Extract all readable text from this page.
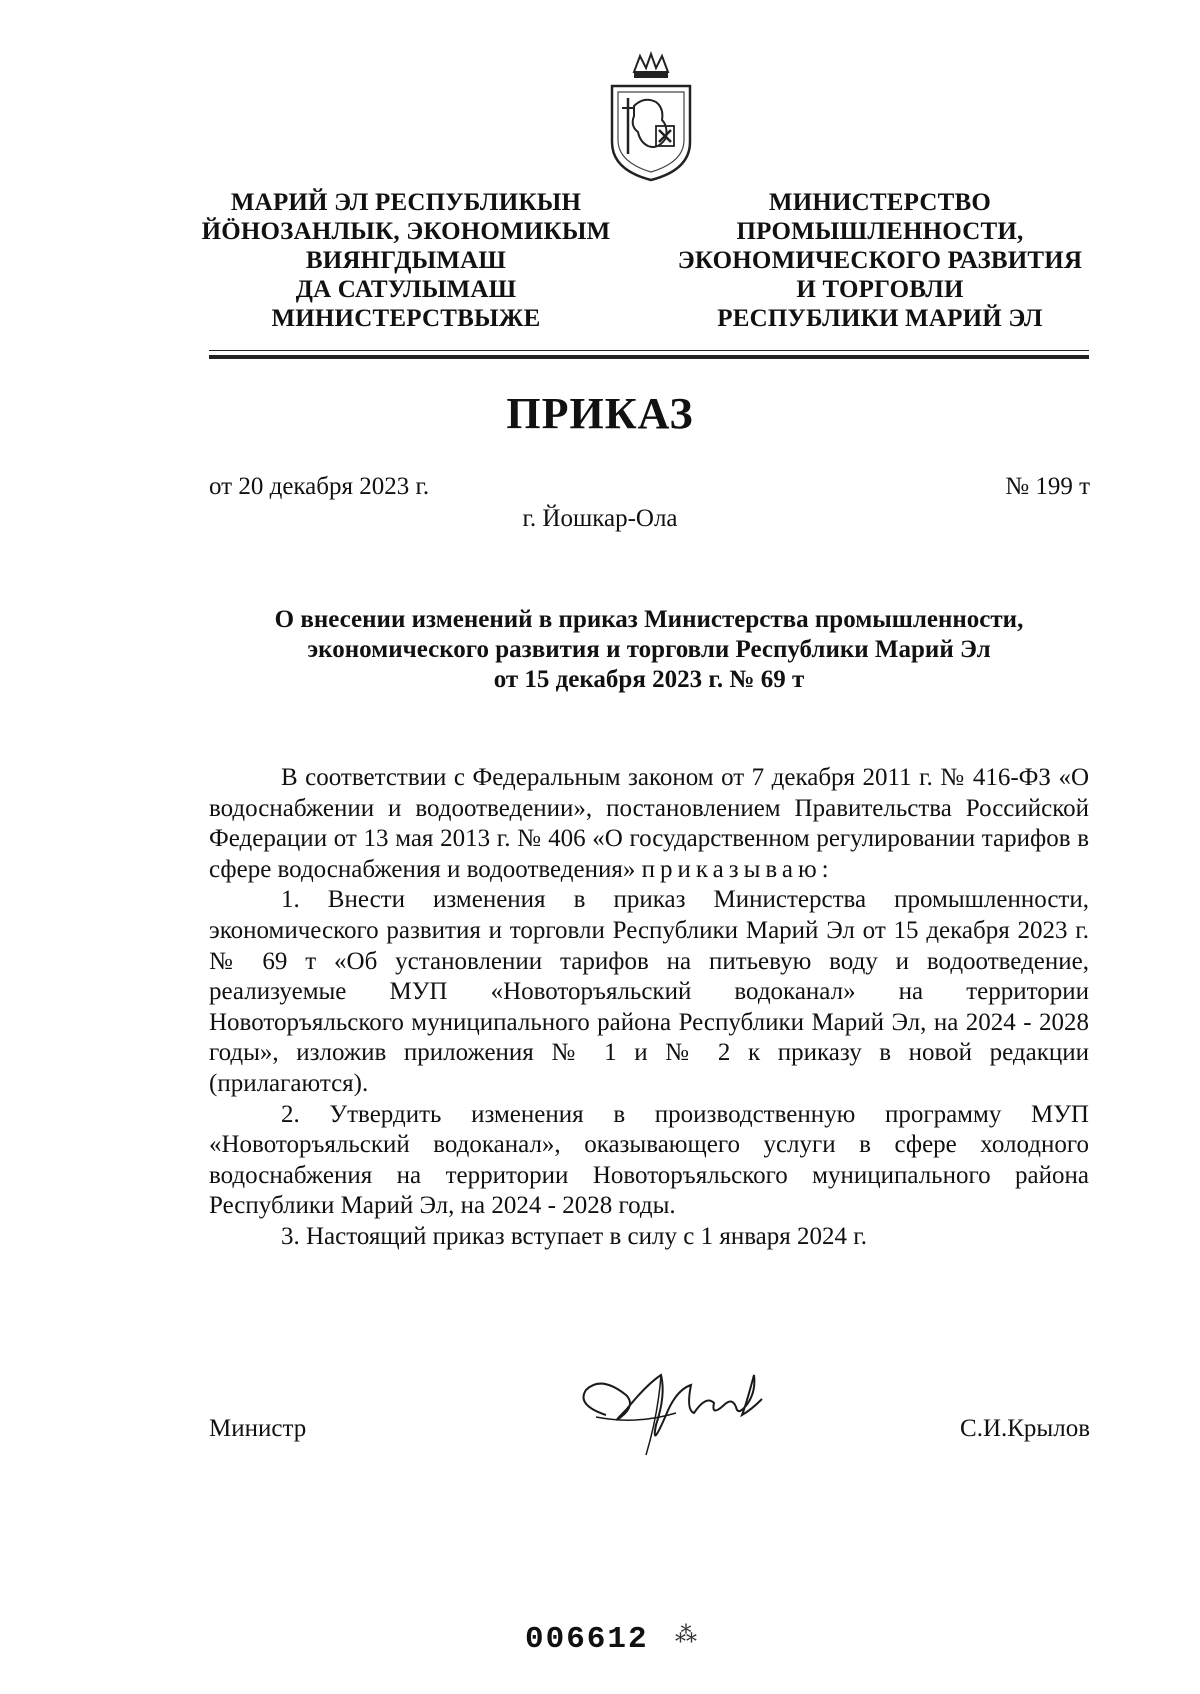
МАРИЙ ЭЛ РЕСПУБЛИКЫН
ЙӦНОЗАНЛЫК, ЭКОНОМИКЫМ
ВИЯНГДЫМАШ
ДА САТУЛЫМАШ
МИНИСТЕРСТВЫЖЕ
МИНИСТЕРСТВО
ПРОМЫШЛЕННОСТИ,
ЭКОНОМИЧЕСКОГО РАЗВИТИЯ
И ТОРГОВЛИ
РЕСПУБЛИКИ МАРИЙ ЭЛ
ПРИКАЗ
от 20 декабря 2023 г.	№ 199 т
г. Йошкар-Ола
О внесении изменений в приказ Министерства промышленности,
экономического развития и торговли Республики Марий Эл
от 15 декабря 2023 г. № 69 т

В соответствии с Федеральным законом от 7 декабря 2011 г. № 416-ФЗ «О водоснабжении и водоотведении», постановлением Правительства Российской Федерации от 13 мая 2013 г. № 406 «О государственном регулировании тарифов в сфере водоснабжения и водоотведения» приказываю:

1. Внести изменения в приказ Министерства промышленности, экономического развития и торговли Республики Марий Эл от 15 декабря 2023 г. № 69 т «Об установлении тарифов на питьевую воду и водоотведение, реализуемые МУП «Новоторъяльский водоканал» на территории Новоторъяльского муниципального района Республики Марий Эл, на 2024 - 2028 годы», изложив приложения № 1 и № 2 к приказу в новой редакции (прилагаются).

2. Утвердить изменения в производственную программу МУП «Новоторъяльский водоканал», оказывающего услуги в сфере холодного водоснабжения на территории Новоторъяльского муниципального района Республики Марий Эл, на 2024 - 2028 годы.

3. Настоящий приказ вступает в силу с 1 января 2024 г.

Министр	С.И.Крылов
006612 ⁂
